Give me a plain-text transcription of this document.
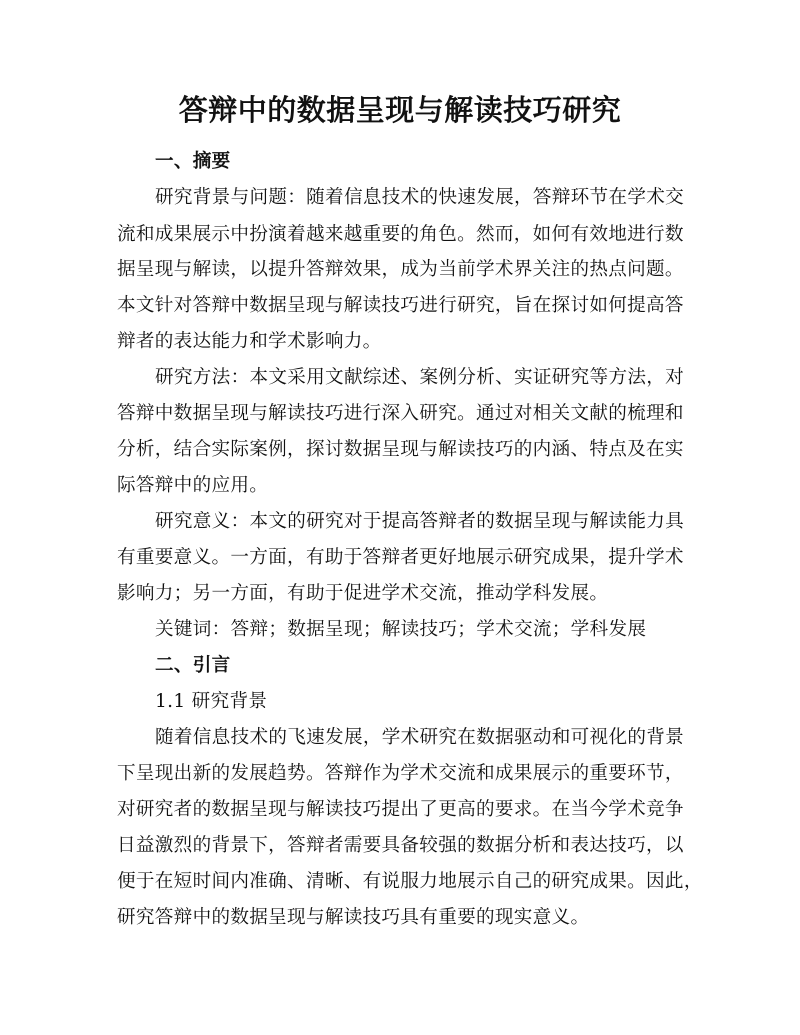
答辩中的数据呈现与解读技巧研究
一、摘要
研究背景与问题：随着信息技术的快速发展，答辩环节在学术交
流和成果展示中扮演着越来越重要的角色。然而，如何有效地进行数
据呈现与解读，以提升答辩效果，成为当前学术界关注的热点问题。
本文针对答辩中数据呈现与解读技巧进行研究，旨在探讨如何提高答
辩者的表达能力和学术影响力。
研究方法：本文采用文献综述、案例分析、实证研究等方法，对
答辩中数据呈现与解读技巧进行深入研究。通过对相关文献的梳理和
分析，结合实际案例，探讨数据呈现与解读技巧的内涵、特点及在实
际答辩中的应用。
研究意义：本文的研究对于提高答辩者的数据呈现与解读能力具
有重要意义。一方面，有助于答辩者更好地展示研究成果，提升学术
影响力；另一方面，有助于促进学术交流，推动学科发展。
关键词：答辩；数据呈现；解读技巧；学术交流；学科发展
二、引言
1.1 研究背景
随着信息技术的飞速发展，学术研究在数据驱动和可视化的背景
下呈现出新的发展趋势。答辩作为学术交流和成果展示的重要环节，
对研究者的数据呈现与解读技巧提出了更高的要求。在当今学术竞争
日益激烈的背景下，答辩者需要具备较强的数据分析和表达技巧，以
便于在短时间内准确、清晰、有说服力地展示自己的研究成果。因此，
研究答辩中的数据呈现与解读技巧具有重要的现实意义。
